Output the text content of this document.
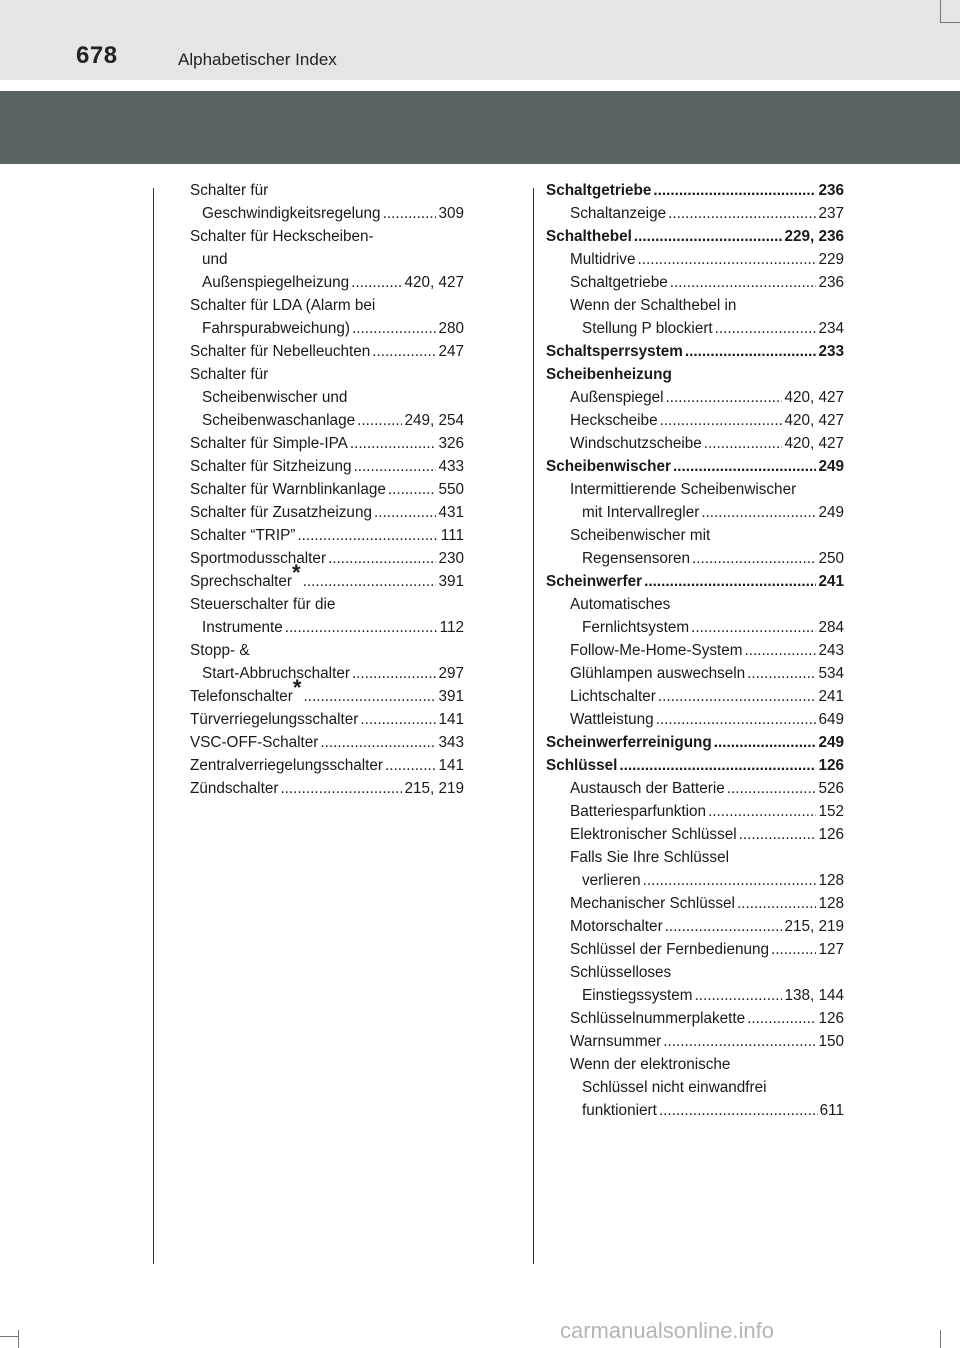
678	Alphabetischer Index
Schalter für
Geschwindigkeitsregelung .....	309
Schalter für Heckscheiben-
und
Außenspiegelheizung .....	420, 427
Schalter für LDA (Alarm bei
Fahrspurabweichung) .....	280
Schalter für Nebelleuchten .....	247
Schalter für
Scheibenwischer und
Scheibenwaschanlage .....	249, 254
Schalter für Simple-IPA .....	326
Schalter für Sitzheizung .....	433
Schalter für Warnblinkanlage .....	550
Schalter für Zusatzheizung .....	431
Schalter “TRIP” .....	111
Sportmodusschalter .....	230
Sprechschalter * .....	391
Steuerschalter für die
Instrumente .....	112
Stopp- &
Start-Abbruchschalter .....	297
Telefonschalter * .....	391
Türverriegelungsschalter .....	141
VSC-OFF-Schalter .....	343
Zentralverriegelungsschalter .....	141
Zündschalter .....	215, 219
Schaltgetriebe .....	236
Schaltanzeige .....	237
Schalthebel .....	229, 236
Multidrive .....	229
Schaltgetriebe .....	236
Wenn der Schalthebel in
Stellung P blockiert .....	234
Schaltsperrsystem .....	233
Scheibenheizung
Außenspiegel .....	420, 427
Heckscheibe .....	420, 427
Windschutzscheibe .....	420, 427
Scheibenwischer .....	249
Intermittierende Scheibenwischer
mit Intervallregler .....	249
Scheibenwischer mit
Regensensoren .....	250
Scheinwerfer .....	241
Automatisches
Fernlichtsystem .....	284
Follow-Me-Home-System .....	243
Glühlampen auswechseln .....	534
Lichtschalter .....	241
Wattleistung .....	649
Scheinwerferreinigung .....	249
Schlüssel .....	126
Austausch der Batterie .....	526
Batteriesparfunktion .....	152
Elektronischer Schlüssel .....	126
Falls Sie Ihre Schlüssel
verlieren .....	128
Mechanischer Schlüssel .....	128
Motorschalter .....	215, 219
Schlüssel der Fernbedienung .....	127
Schlüsselloses
Einstiegssystem .....	138, 144
Schlüsselnummerplakette .....	126
Warnsummer .....	150
Wenn der elektronische
Schlüssel nicht einwandfrei
funktioniert .....	611
carmanualsonline.info
